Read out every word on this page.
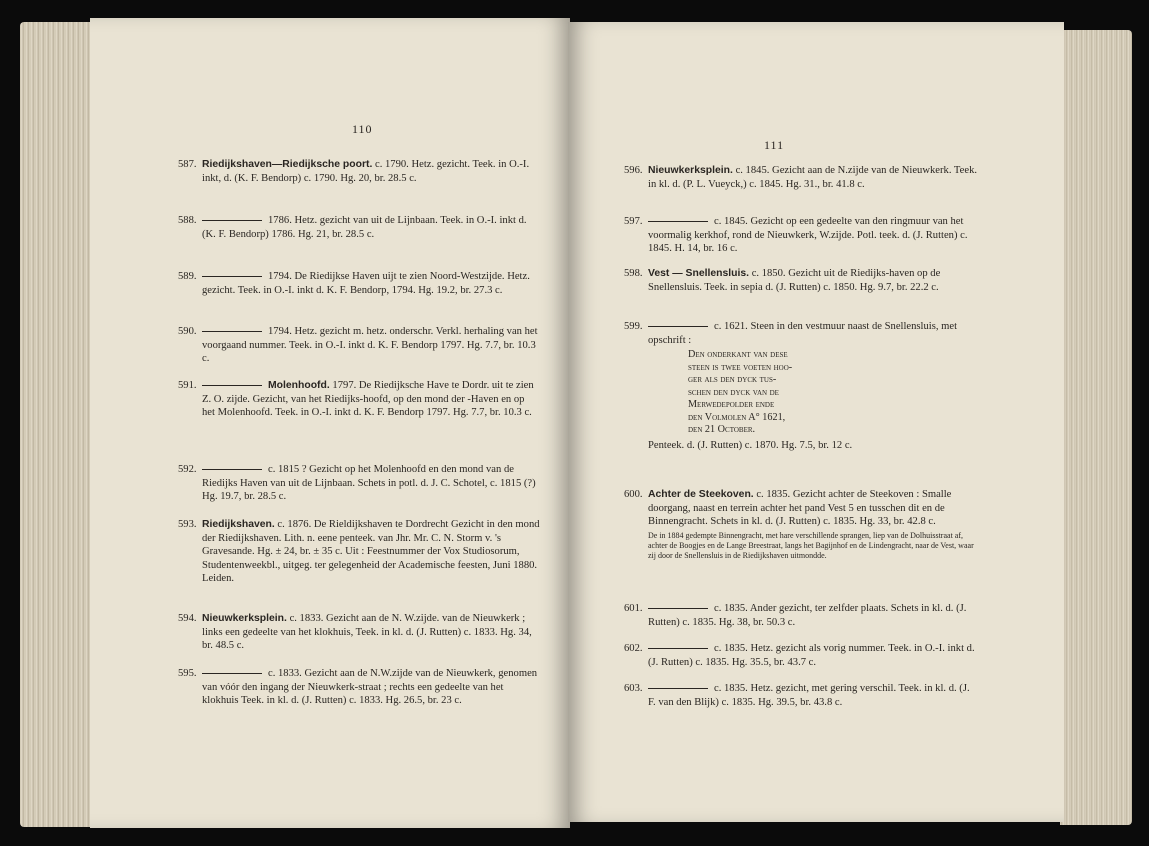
110
587. Riedijkshaven—Riedijksche poort. c. 1790. Hetz. gezicht. Teek. in O.-I. inkt, d. (K. F. Bendorp) c. 1790. Hg. 20, br. 28.5 c.
588.	1786. Hetz. gezicht van uit de Lijnbaan. Teek. in O.-I. inkt d. (K. F. Bendorp) 1786. Hg. 21, br. 28.5 c.
589.	1794. De Riedijkse Haven uijt te zien Noord-Westzijde. Hetz. gezicht. Teek. in O.-I. inkt d. K. F. Bendorp, 1794. Hg. 19.2, br. 27.3 c.
590.	1794. Hetz. gezicht m. hetz. onderschr. Verkl. herhaling van het voorgaand nummer. Teek. in O.-I. inkt d. K. F. Bendorp 1797. Hg. 7.7, br. 10.3 c.
591.	Molenhoofd. 1797. De Riedijksche Have te Dordr. uit te zien Z. O. zijde. Gezicht, van het Riedijks-hoofd, op den mond der -Haven en op het Molenhoofd. Teek. in O.-I. inkt d. K. F. Bendorp 1797. Hg. 7.7, br. 10.3 c.
592.	c. 1815 ? Gezicht op het Molenhoofd en den mond van de Riedijks Haven van uit de Lijnbaan. Schets in potl. d. J. C. Schotel, c. 1815 (?) Hg. 19.7, br. 28.5 c.
593. Riedijkshaven. c. 1876. De Rieldijkshaven te Dordrecht Gezicht in den mond der Riedijkshaven. Lith. n. eene penteek. van Jhr. Mr. C. N. Storm v. 's Gravesande. Hg. ± 24, br. ± 35 c. Uit : Feestnummer der Vox Studiosorum, Studentenweekbl., uitgeg. ter gelegenheid der Academische feesten, Juni 1880. Leiden.
594. Nieuwkerksplein. c. 1833. Gezicht aan de N. W.zijde. van de Nieuwkerk ; links een gedeelte van het klokhuis, Teek. in kl. d. (J. Rutten) c. 1833. Hg. 34, br. 48.5 c.
595.	c. 1833. Gezicht aan de N.W.zijde van de Nieuwkerk, genomen van vóór den ingang der Nieuwkerk-straat ; rechts een gedeelte van het klokhuis Teek. in kl. d. (J. Rutten) c. 1833. Hg. 26.5, br. 23 c.
111
596. Nieuwkerksplein. c. 1845. Gezicht aan de N.zijde van de Nieuwkerk. Teek. in kl. d. (P. L. Vueyck,) c. 1845. Hg. 31., br. 41.8 c.
597.	c. 1845. Gezicht op een gedeelte van den ringmuur van het voormalig kerkhof, rond de Nieuwkerk, W.zijde. Potl. teek. d. (J. Rutten) c. 1845. H. 14, br. 16 c.
598. Vest — Snellensluis. c. 1850. Gezicht uit de Riedijks-haven op de Snellensluis. Teek. in sepia d. (J. Rutten) c. 1850. Hg. 9.7, br. 22.2 c.
599.	c. 1621. Steen in den vestmuur naast de Snellensluis, met opschrift :
Den onderkant van dese
steen is twee voeten hoo-
ger als den dyck tus-
schen den dyck van de
Merwedepolder ende
den Volmolen A° 1621,
den 21 October.
Penteek. d. (J. Rutten) c. 1870. Hg. 7.5, br. 12 c.
600. Achter de Steekoven. c. 1835. Gezicht achter de Steekoven : Smalle doorgang, naast en terrein achter het pand Vest 5 en tusschen dit en de Binnengracht. Schets in kl. d. (J. Rutten) c. 1835. Hg. 33, br. 42.8 c.
De in 1884 gedempte Binnengracht, met hare verschillende sprangen, liep van de Dolhuisstraat af, achter de Boogjes en de Lange Breestraat, langs het Bagijnhof en de Lindengracht, naar de Vest, waar zij door de Snellensluis in de Riedijkshaven uitmondde.
601.	c. 1835. Ander gezicht, ter zelfder plaats. Schets in kl. d. (J. Rutten) c. 1835. Hg. 38, br. 50.3 c.
602.	c. 1835. Hetz. gezicht als vorig nummer. Teek. in O.-I. inkt d. (J. Rutten) c. 1835. Hg. 35.5, br. 43.7 c.
603.	c. 1835. Hetz. gezicht, met gering verschil. Teek. in kl. d. (J. F. van den Blijk) c. 1835. Hg. 39.5, br. 43.8 c.
